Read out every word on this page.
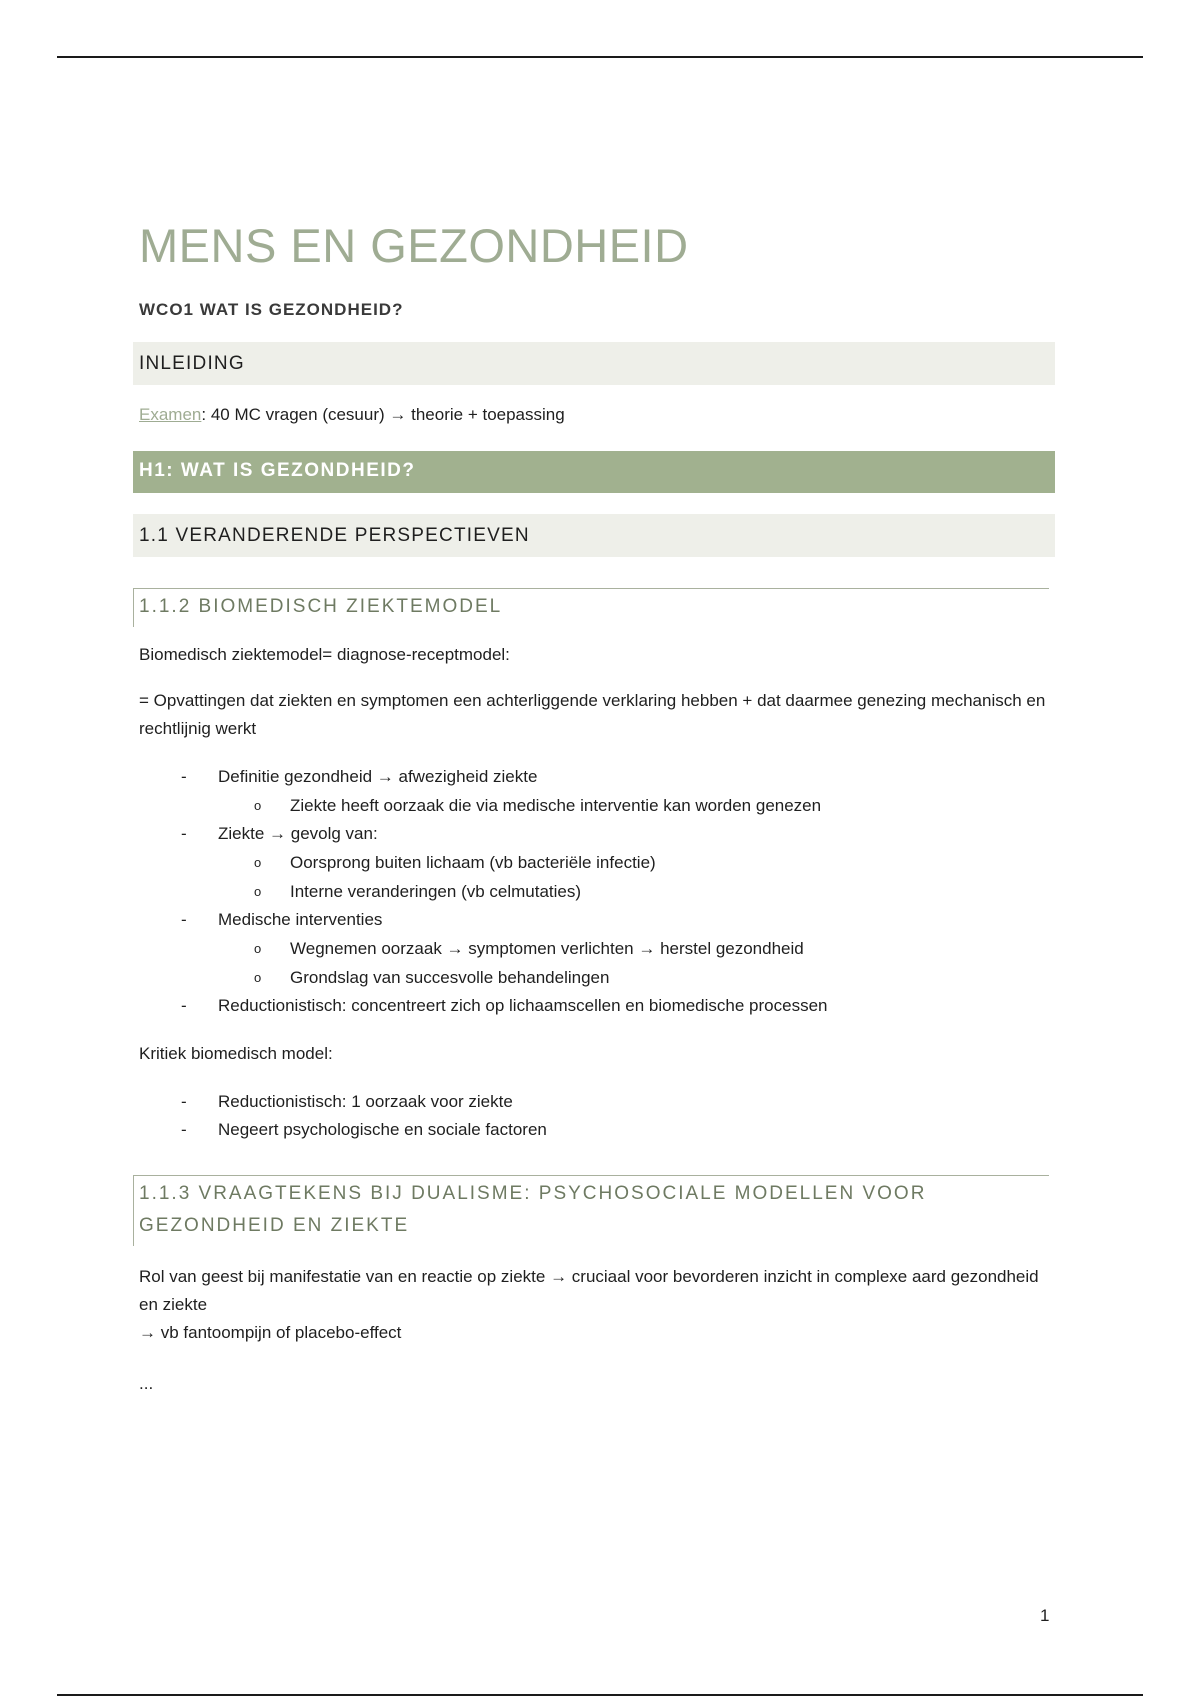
MENS EN GEZONDHEID
WCO1 WAT IS GEZONDHEID?
INLEIDING
Examen: 40 MC vragen (cesuur) → theorie + toepassing
H1: WAT IS GEZONDHEID?
1.1 VERANDERENDE PERSPECTIEVEN
1.1.2 BIOMEDISCH ZIEKTEMODEL

Biomedisch ziektemodel= diagnose-receptmodel:

= Opvattingen dat ziekten en symptomen een achterliggende verklaring hebben + dat daarmee genezing mechanisch en rechtlijnig werkt

- Definitie gezondheid → afwezigheid ziekte
o Ziekte heeft oorzaak die via medische interventie kan worden genezen
- Ziekte → gevolg van:
o Oorsprong buiten lichaam (vb bacteriële infectie)
o Interne veranderingen (vb celmutaties)
- Medische interventies
o Wegnemen oorzaak → symptomen verlichten → herstel gezondheid
o Grondslag van succesvolle behandelingen
- Reductionistisch: concentreert zich op lichaamscellen en biomedische processen

Kritiek biomedisch model:

- Reductionistisch: 1 oorzaak voor ziekte
- Negeert psychologische en sociale factoren
1.1.3 VRAAGTEKENS BIJ DUALISME: PSYCHOSOCIALE MODELLEN VOOR GEZONDHEID EN ZIEKTE

Rol van geest bij manifestatie van en reactie op ziekte → cruciaal voor bevorderen inzicht in complexe aard gezondheid en ziekte
→ vb fantoompijn of placebo-effect

...

1
